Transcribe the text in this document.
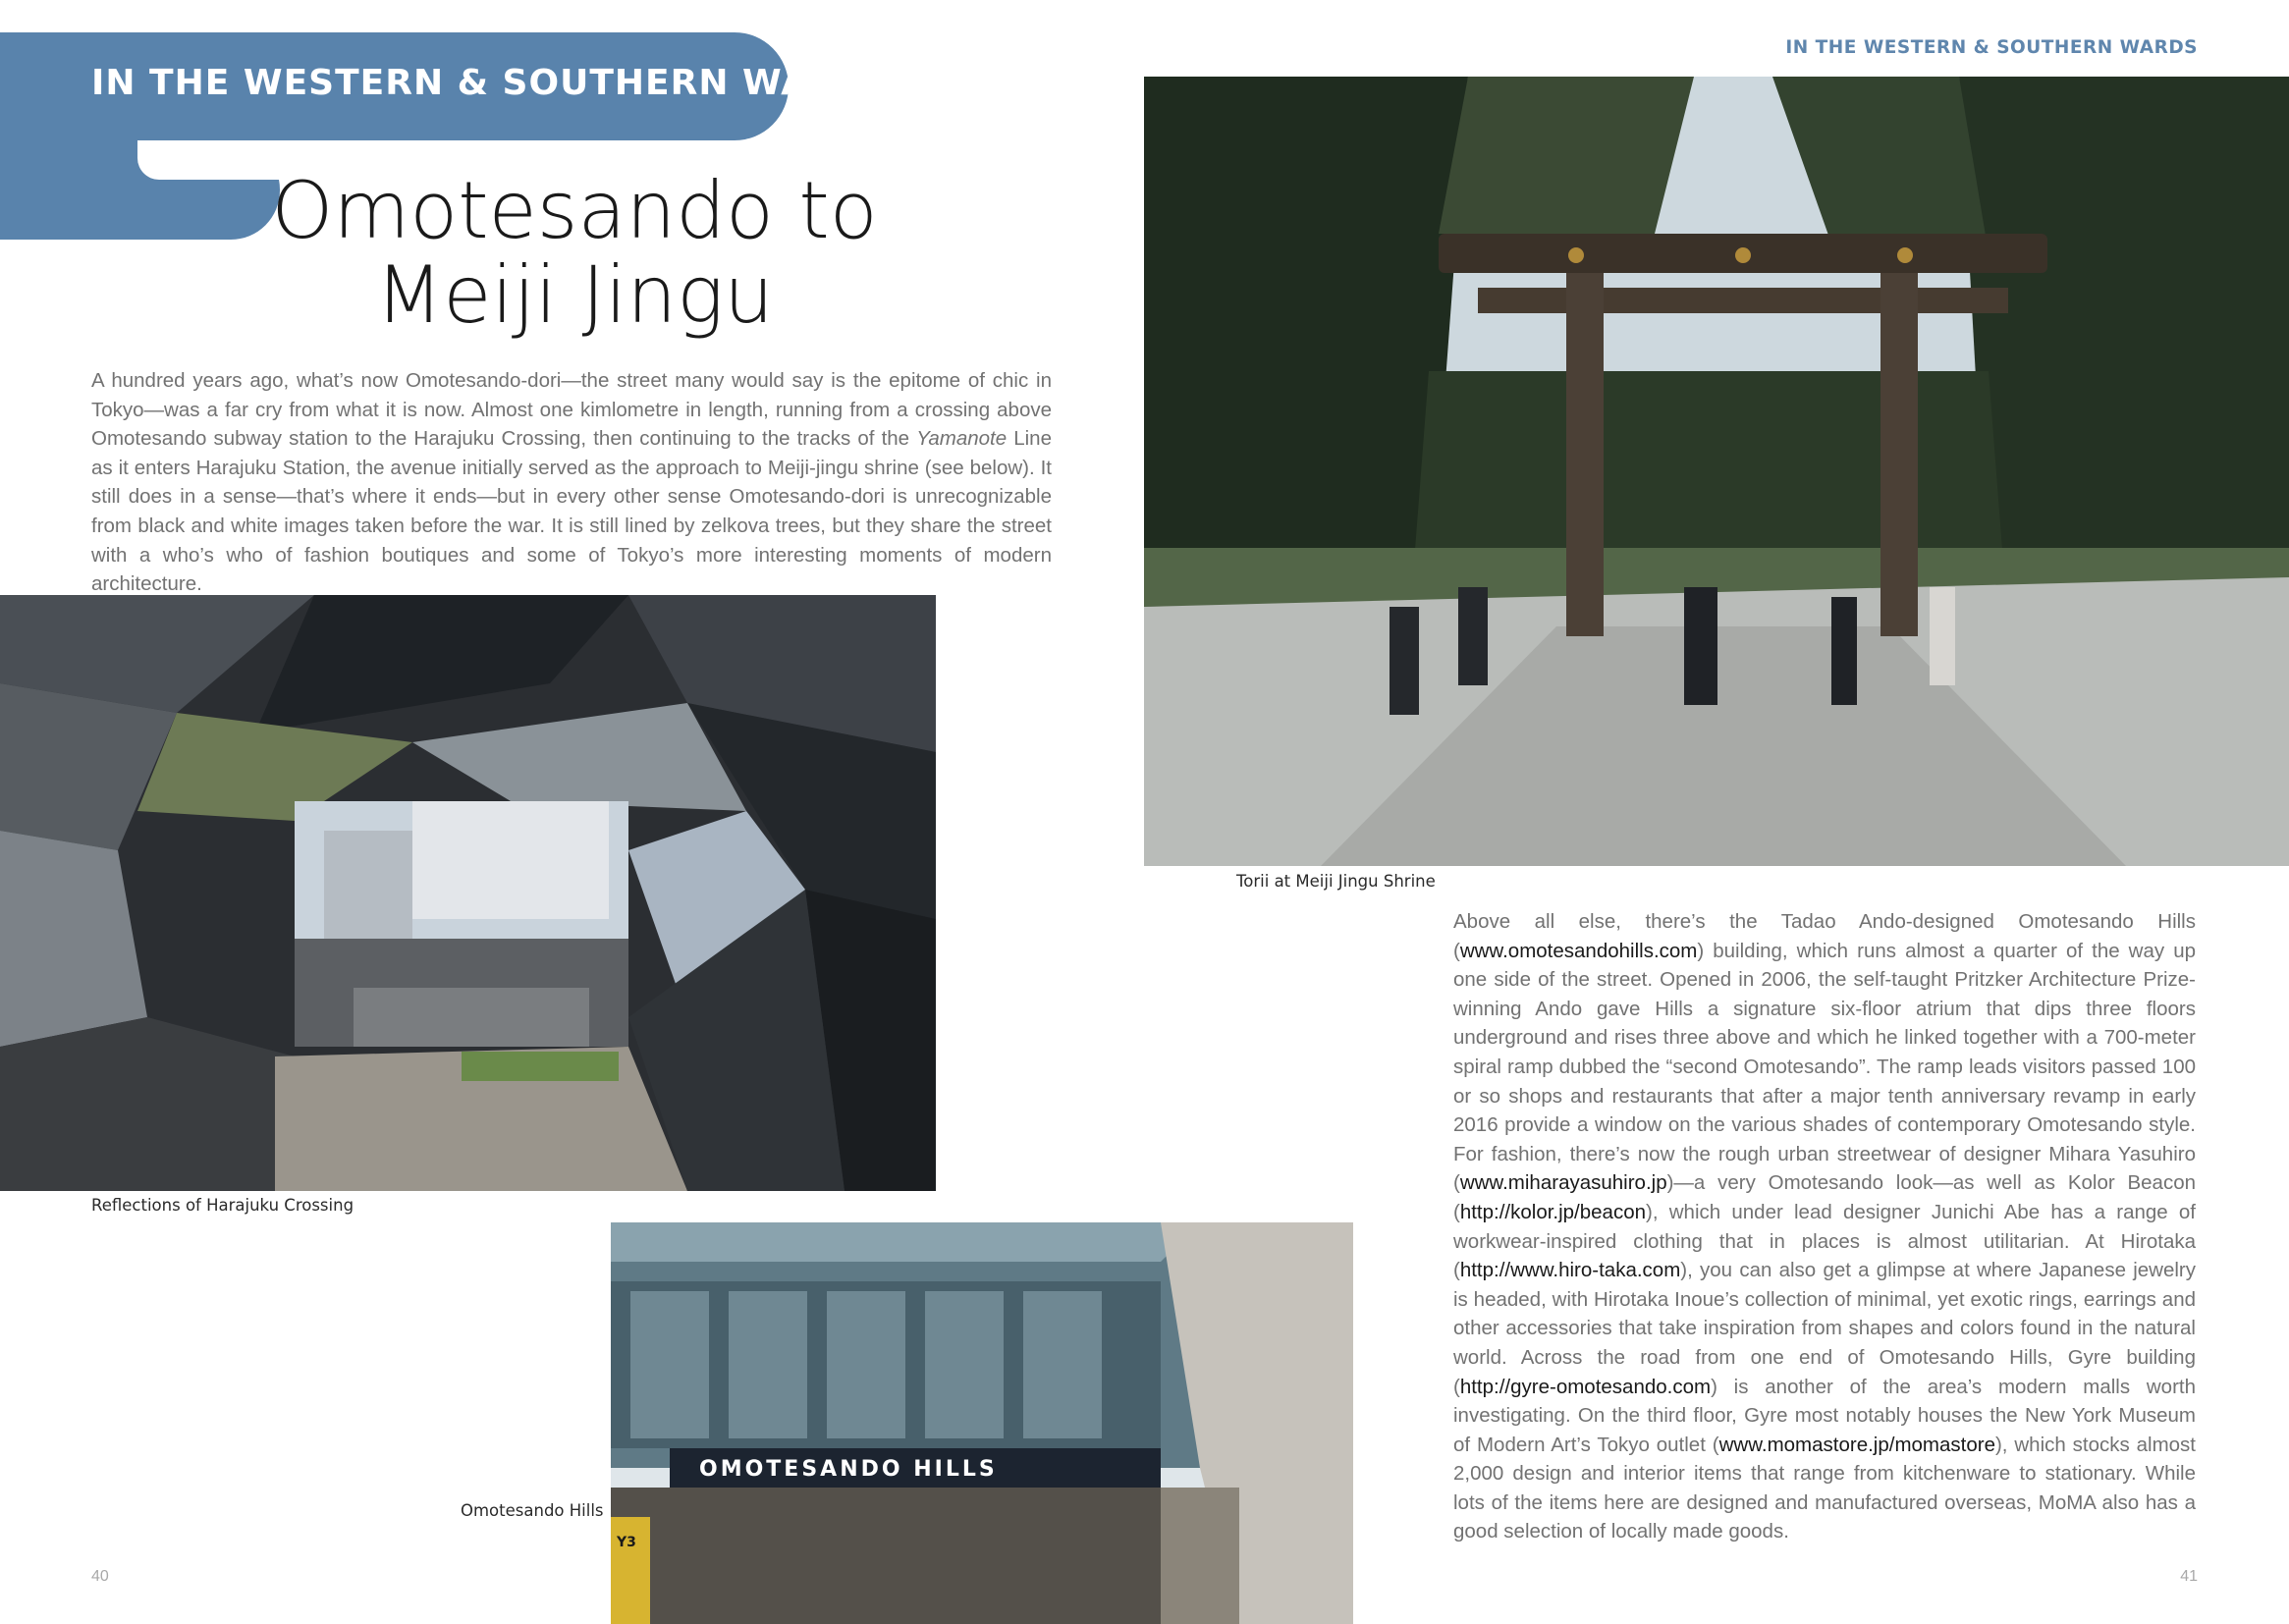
IN THE WESTERN & SOUTHERN WARDS
Omotesando to
Meiji Jingu

A hundred years ago, what’s now Omotesando-dori—the street many would say is the epitome of chic in Tokyo—was a far cry from what it is now. Almost one kimlometre in length, running from a crossing above Omotesando subway station to the Harajuku Crossing, then continuing to the tracks of the Yamanote Line as it enters Harajuku Station, the avenue initially served as the approach to Meiji-jingu shrine (see below). It still does in a sense—that’s where it ends—but in every other sense Omotesando-dori is unrecognizable from black and white images taken before the war. It is still lined by zelkova trees, but they share the street with a who’s who of fashion boutiques and some of Tokyo’s more interesting moments of modern architecture.

Reflections of Harajuku Crossing
OMOTESANDO HILLS
Y3
Omotesando Hills
40
IN THE WESTERN & SOUTHERN WARDS
Torii at Meiji Jingu Shrine

Above all else, there’s the Tadao Ando-designed Omotesando Hills (www.omotesandohills.com) building, which runs almost a quarter of the way up one side of the street. Opened in 2006, the self-taught Pritzker Architecture Prize-winning Ando gave Hills a signature six-floor atrium that dips three floors underground and rises three above and which he linked together with a 700-meter spiral ramp dubbed the “second Omotesando”. The ramp leads visitors passed 100 or so shops and restaurants that after a major tenth anniversary revamp in early 2016 provide a window on the various shades of contemporary Omotesando style. For fashion, there’s now the rough urban streetwear of designer Mihara Yasuhiro (www.miharayasuhiro.jp)—a very Omotesando look—as well as Kolor Beacon (http://kolor.jp/beacon), which under lead designer Junichi Abe has a range of workwear-inspired clothing that in places is almost utilitarian. At Hirotaka (http://www.hiro-taka.com), you can also get a glimpse at where Japanese jewelry is headed, with Hirotaka Inoue’s collection of minimal, yet exotic rings, earrings and other accessories that take inspiration from shapes and colors found in the natural world. Across the road from one end of Omotesando Hills, Gyre building (http://gyre-omotesando.com) is another of the area’s modern malls worth investigating. On the third floor, Gyre most notably houses the New York Museum of Modern Art’s Tokyo outlet (www.momastore.jp/momastore), which stocks almost 2,000 design and interior items that range from kitchenware to stationary. While lots of the items here are designed and manufactured overseas, MoMA also has a good selection of locally made goods.

41
